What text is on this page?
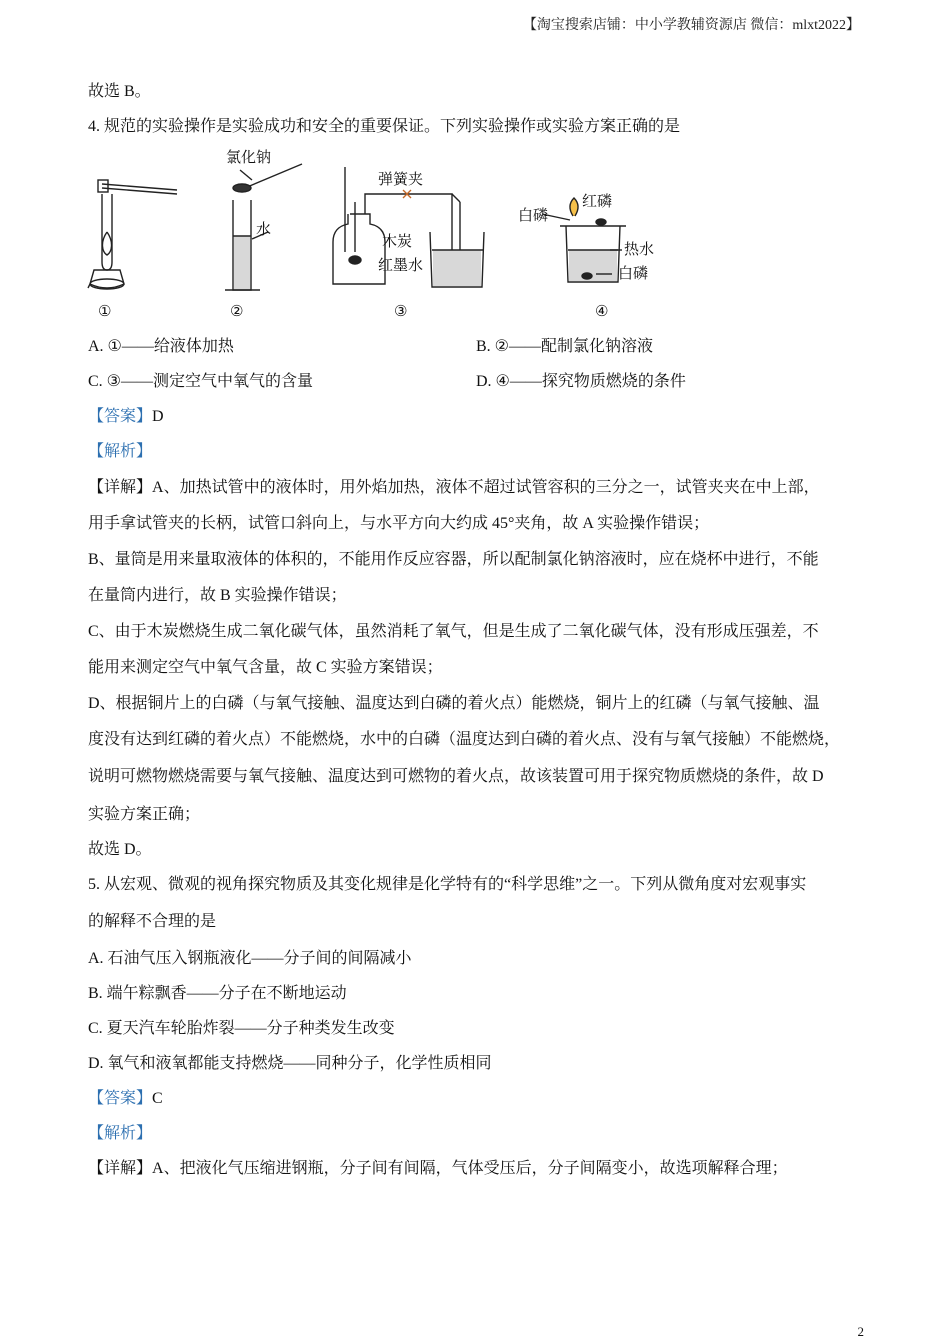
【淘宝搜索店铺：中小学教辅资源店 微信：mlxt2022】
故选 B。
4. 规范的实验操作是实验成功和安全的重要保证。下列实验操作或实验方案正确的是
氯化钠
水
弹簧夹
木炭
红墨水
红磷
白磷
热水
白磷
①	②	③	④
A. ①——给液体加热	B. ②——配制氯化钠溶液
C. ③——测定空气中氧气的含量	D. ④——探究物质燃烧的条件
【答案】D
【解析】
【详解】A、加热试管中的液体时，用外焰加热，液体不超过试管容积的三分之一，试管夹夹在中上部，
用手拿试管夹的长柄，试管口斜向上，与水平方向大约成 45°夹角，故 A 实验操作错误；
B、量筒是用来量取液体的体积的，不能用作反应容器，所以配制氯化钠溶液时，应在烧杯中进行，不能
在量筒内进行，故 B 实验操作错误；
C、由于木炭燃烧生成二氧化碳气体，虽然消耗了氧气，但是生成了二氧化碳气体，没有形成压强差，不
能用来测定空气中氧气含量，故 C 实验方案错误；
D、根据铜片上的白磷（与氧气接触、温度达到白磷的着火点）能燃烧，铜片上的红磷（与氧气接触、温
度没有达到红磷的着火点）不能燃烧，水中的白磷（温度达到白磷的着火点、没有与氧气接触）不能燃烧，
说明可燃物燃烧需要与氧气接触、温度达到可燃物的着火点，故该装置可用于探究物质燃烧的条件，故 D
实验方案正确；
故选 D。
5. 从宏观、微观的视角探究物质及其变化规律是化学特有的“科学思维”之一。下列从微角度对宏观事实
的解释不合理的是
A. 石油气压入钢瓶液化——分子间的间隔减小
B. 端午粽飘香——分子在不断地运动
C. 夏天汽车轮胎炸裂——分子种类发生改变
D. 氧气和液氧都能支持燃烧——同种分子，化学性质相同
【答案】C
【解析】
【详解】A、把液化气压缩进钢瓶，分子间有间隔，气体受压后，分子间隔变小，故选项解释合理；
2
